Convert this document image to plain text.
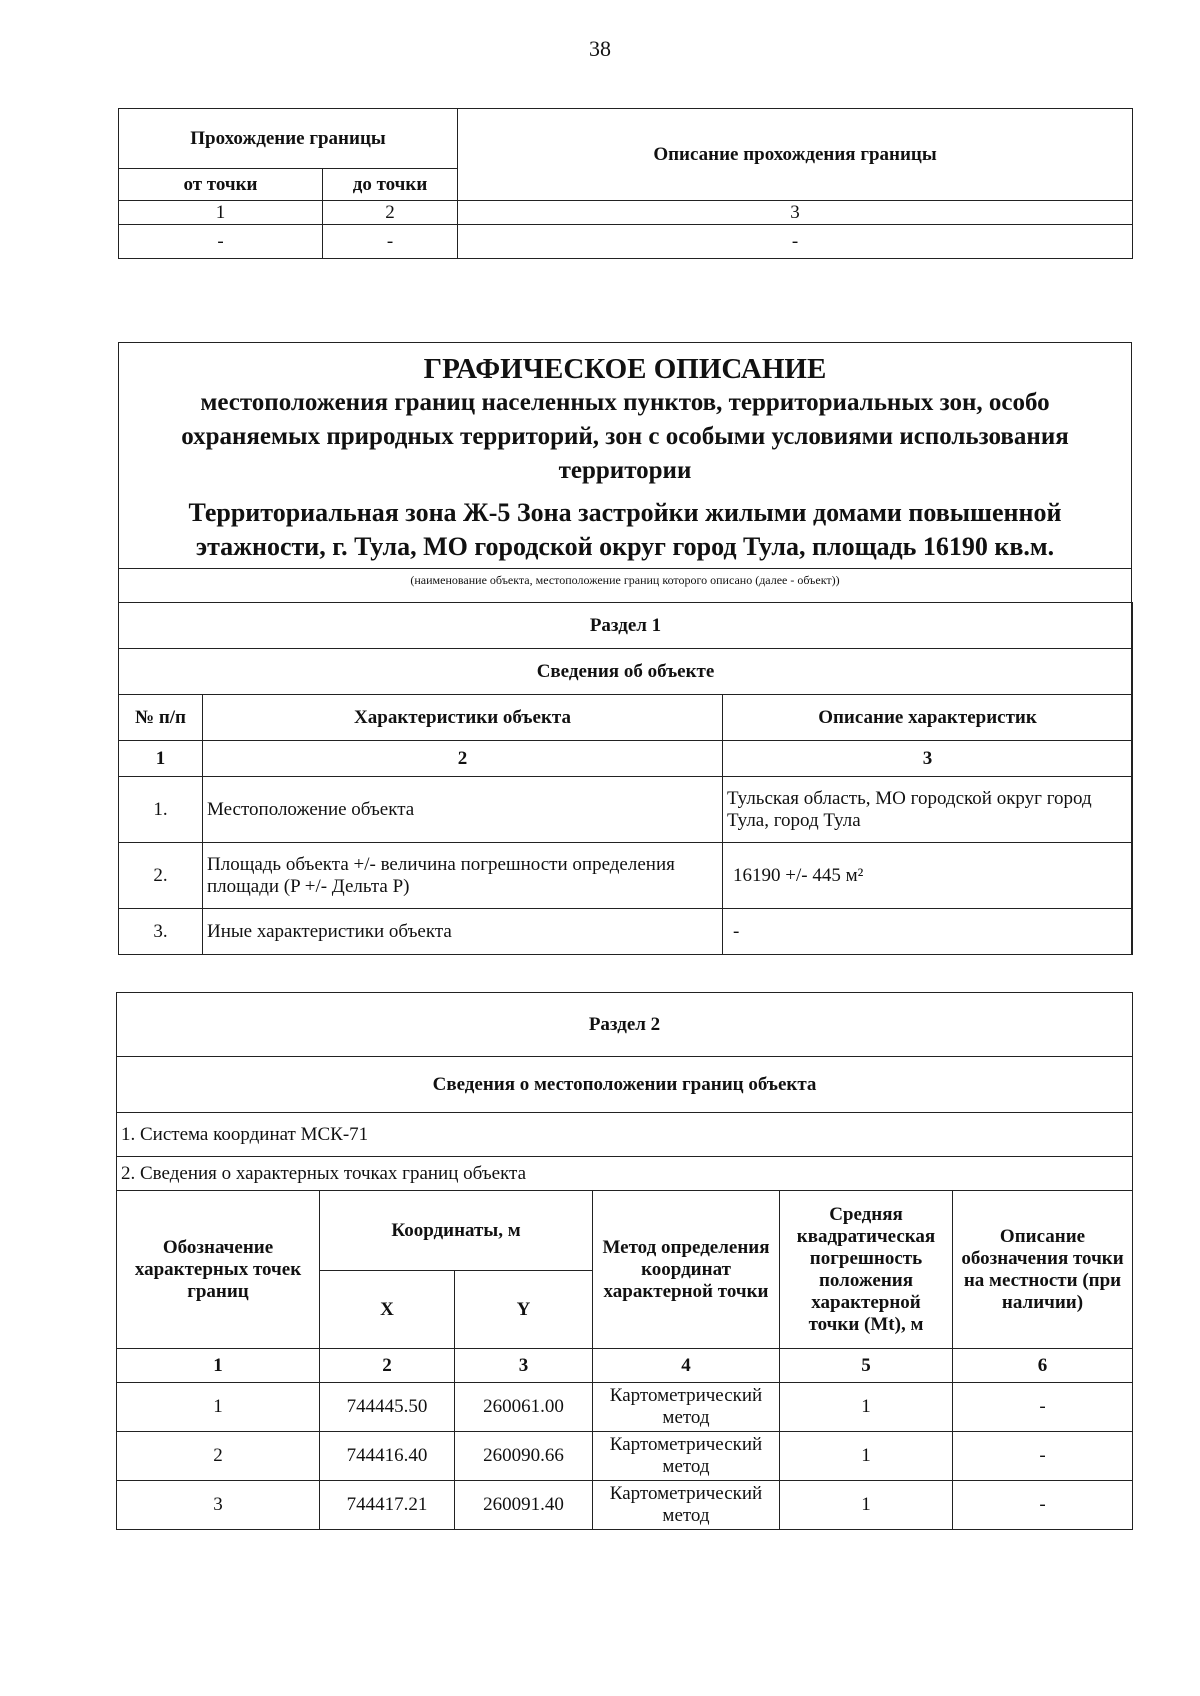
38
Прохождение границы		Описание прохождения границы
от точки	до точки	
1	2	3
-	-	-
ГРАФИЧЕСКОЕ ОПИСАНИЕ
местоположения границ населенных пунктов, территориальных зон, особо охраняемых природных территорий, зон с особыми условиями использования территории
Территориальная зона Ж-5 Зона застройки жилыми домами повышенной
этажности, г. Тула, МО городской округ город Тула, площадь 16190 кв.м.
(наименование объекта, местоположение границ которого описано (далее - объект))
Раздел 1		
Сведения об объекте		
№ п/п	Характеристики объекта	Описание характеристик
1	2	3
1.	Местоположение объекта	Тульская область, МО городской округ город Тула, город Тула
2.	Площадь объекта +/- величина погрешности определения площади (P +/- Дельта P)	16190 +/- 445 м²
3.	Иные характеристики объекта	-
Раздел 2					
Сведения о местоположении границ объекта					
1. Система координат МСК-71					
2. Сведения о характерных точках границ объекта					
Обозначение характерных точек границ	Координаты, м		Метод определения координат характерной точки	Средняя квадратическая погрешность положения характерной точки (Mt), м	Описание обозначения точки на местности (при наличии)
	X	Y			
1	2	3	4	5	6
1	744445.50	260061.00	Картометрический метод	1	-
2	744416.40	260090.66	Картометрический метод	1	-
3	744417.21	260091.40	Картометрический метод	1	-
